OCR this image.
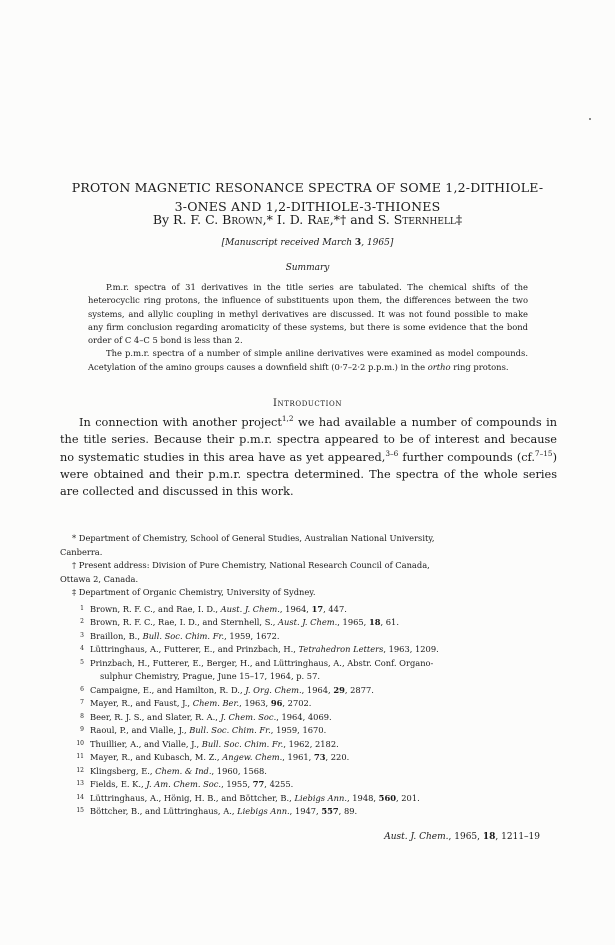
PROTON MAGNETIC RESONANCE SPECTRA OF SOME 1,2-DITHIOLE-
3-ONES AND 1,2-DITHIOLE-3-THIONES
By R. F. C. Brown,* I. D. Rae,*† and S. Sternhell‡
[Manuscript received March 3, 1965]
Summary

P.m.r. spectra of 31 derivatives in the title series are tabulated. The chemical shifts of the heterocyclic ring protons, the influence of substituents upon them, the differences between the two systems, and allylic coupling in methyl derivatives are discussed. It was not found possible to make any firm conclusion regarding aromaticity of these systems, but there is some evidence that the bond order of C 4–C 5 bond is less than 2.

The p.m.r. spectra of a number of simple aniline derivatives were examined as model compounds. Acetylation of the amino groups causes a downfield shift (0·7–2·2 p.p.m.) in the ortho ring protons.

Introduction

In connection with another project$^{1,2}$ we had available a number of compounds in the title series. Because their p.m.r. spectra appeared to be of interest and because no systematic studies in this area have as yet appeared,$^{3-6}$ further compounds (cf.$^{7-15}$) were obtained and their p.m.r. spectra determined. The spectra of the whole series are collected and discussed in this work.

* Department of Chemistry, School of General Studies, Australian National University,

Canberra.

† Present address: Division of Pure Chemistry, National Research Council of Canada,

Ottawa 2, Canada.

‡ Department of Organic Chemistry, University of Sydney.

1 Brown, R. F. C., and Rae, I. D., Aust. J. Chem., 1964, 17, 447.

2 Brown, R. F. C., Rae, I. D., and Sternhell, S., Aust. J. Chem., 1965, 18, 61.

3 Braillon, B., Bull. Soc. Chim. Fr., 1959, 1672.

4 Lüttringhaus, A., Futterer, E., and Prinzbach, H., Tetrahedron Letters, 1963, 1209.

5 Prinzbach, H., Futterer, E., Berger, H., and Lüttringhaus, A., Abstr. Conf. Organo-
sulphur Chemistry, Prague, June 15–17, 1964, p. 57.

6 Campaigne, E., and Hamilton, R. D., J. Org. Chem., 1964, 29, 2877.

7 Mayer, R., and Faust, J., Chem. Ber., 1963, 96, 2702.

8 Beer, R. J. S., and Slater, R. A., J. Chem. Soc., 1964, 4069.

9 Raoul, P., and Vialle, J., Bull. Soc. Chim. Fr., 1959, 1670.

10 Thuillier, A., and Vialle, J., Bull. Soc. Chim. Fr., 1962, 2182.

11 Mayer, R., and Kubasch, M. Z., Angew. Chem., 1961, 73, 220.

12 Klingsberg, E., Chem. & Ind., 1960, 1568.

13 Fields, E. K., J. Am. Chem. Soc., 1955, 77, 4255.

14 Lüttringhaus, A., Hönig, H. B., and Böttcher, B., Liebigs Ann., 1948, 560, 201.

15 Böttcher, B., and Lüttringhaus, A., Liebigs Ann., 1947, 557, 89.

Aust. J. Chem., 1965, 18, 1211–19
